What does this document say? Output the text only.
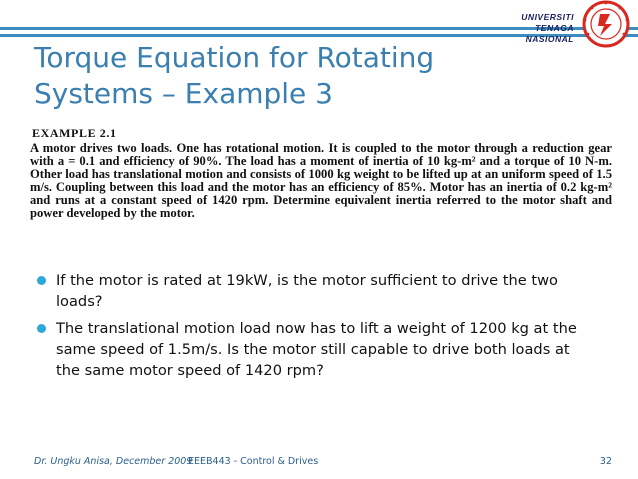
UNIVERSITI
TENAGA
NASIONAL
Torque Equation for Rotating Systems – Example 3
EXAMPLE 2.1

A motor drives two loads. One has rotational motion. It is coupled to the motor through a reduction gear with a = 0.1 and efficiency of 90%. The load has a moment of inertia of 10 kg-m² and a torque of 10 N-m. Other load has translational motion and consists of 1000 kg weight to be lifted up at an uniform speed of 1.5 m/s. Coupling between this load and the motor has an efficiency of 85%. Motor has an inertia of 0.2 kg-m² and runs at a constant speed of 1420 rpm. Determine equivalent inertia referred to the motor shaft and power developed by the motor.

If the motor is rated at 19kW, is the motor sufficient to drive the two loads?
The translational motion load now has to lift a weight of 1200 kg at the same speed of 1.5m/s. Is the motor still capable to drive both loads at the same motor speed of 1420 rpm?
Dr. Ungku Anisa, December 2009
EEEB443 - Control & Drives	32
